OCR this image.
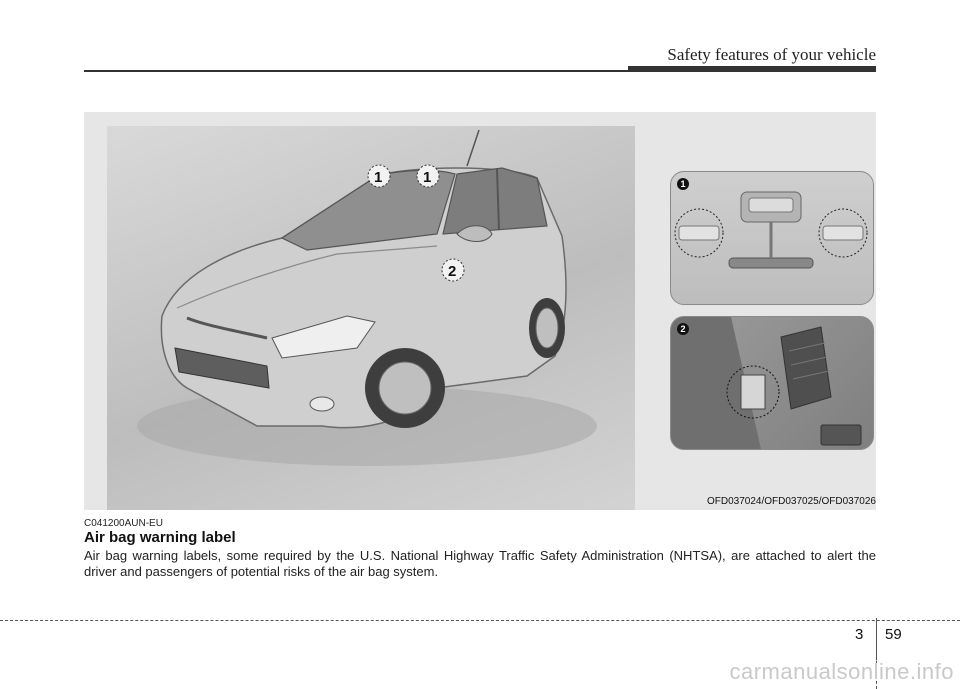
Safety features of your vehicle
1	1
2
1
2
OFD037024/OFD037025/OFD037026
C041200AUN-EU
Air bag warning label

Air bag warning labels, some required by the U.S. National Highway Traffic Safety Administration (NHTSA), are attached to alert the driver and passengers of potential risks of the air bag system.

3 59
carmanualsonline.info
